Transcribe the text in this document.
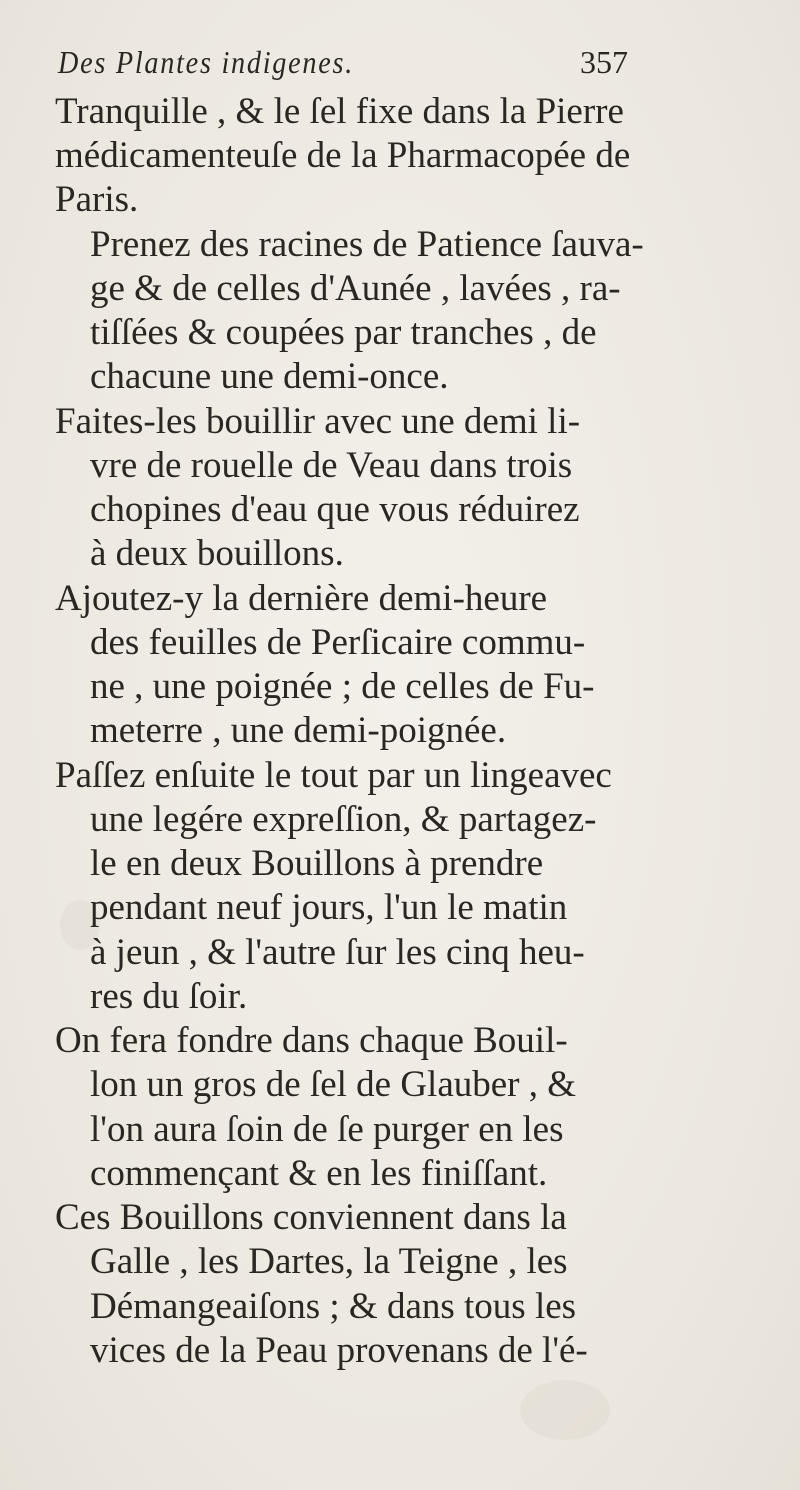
Des Plantes indigenes.	357

Tranquille , & le ſel fixe dans la Pierre

médicamenteuſe de la Pharmacopée de

Paris.

Prenez des racines de Patience ſauva-

ge & de celles d'Aunée , lavées , ra-

tiſſées & coupées par tranches , de

chacune une demi-once.

Faites-les bouillir avec une demi li-

vre de rouelle de Veau dans trois

chopines d'eau que vous réduirez

à deux bouillons.

Ajoutez-y la dernière demi-heure

des feuilles de Perſicaire commu-

ne , une poignée ; de celles de Fu-

meterre , une demi-poignée.

Paſſez enſuite le tout par un lingeavec

une legére expreſſion, & partagez-

le en deux Bouillons à prendre

pendant neuf jours, l'un le matin

à jeun , & l'autre ſur les cinq heu-

res du ſoir.

On fera fondre dans chaque Bouil-

lon un gros de ſel de Glauber , &

l'on aura ſoin de ſe purger en les

commençant & en les finiſſant.

Ces Bouillons conviennent dans la

Galle , les Dartes, la Teigne , les

Démangeaiſons ; & dans tous les

vices de la Peau provenans de l'é-
